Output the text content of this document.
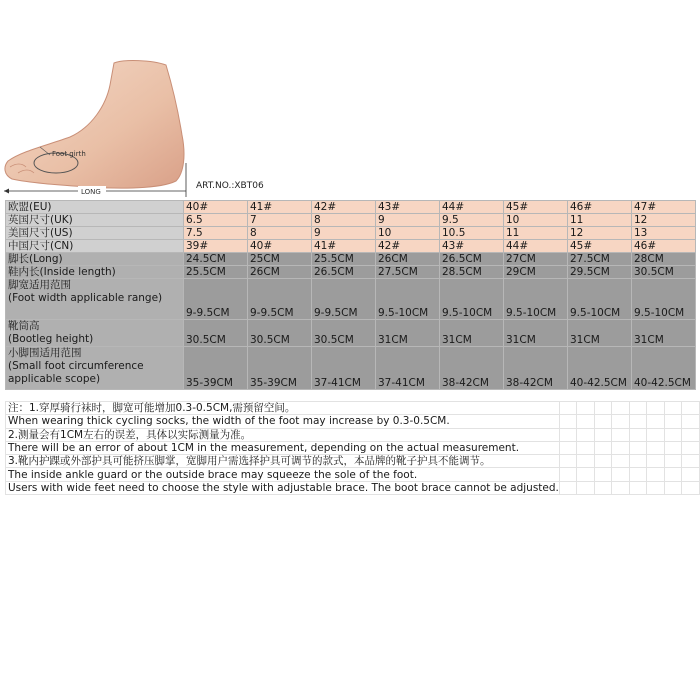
Foot girth
LONG
ART.NO.:XBT06
欧盟(EU)	40#	41#	42#	43#	44#	45#	46#	47#
英国尺寸(UK)	6.5	7	8	9	9.5	10	11	12
美国尺寸(US)	7.5	8	9	10	10.5	11	12	13
中国尺寸(CN)	39#	40#	41#	42#	43#	44#	45#	46#
脚长(Long)	24.5CM	25CM	25.5CM	26CM	26.5CM	27CM	27.5CM	28CM
鞋内长(Inside length)	25.5CM	26CM	26.5CM	27.5CM	28.5CM	29CM	29.5CM	30.5CM

脚宽适用范围
(Foot width applicable range)	9-9.5CM	9-9.5CM	9-9.5CM	9.5-10CM	9.5-10CM	9.5-10CM	9.5-10CM	9.5-10CM

靴筒高
(Bootleg height)	30.5CM	30.5CM	30.5CM	31CM	31CM	31CM	31CM	31CM

小脚围适用范围
(Small foot circumference
applicable scope)	35-39CM	35-39CM	37-41CM	37-41CM	38-42CM	38-42CM	40-42.5CM	40-42.5CM
注：1.穿厚骑行袜时，脚宽可能增加0.3-0.5CM,需预留空间。								
When wearing thick cycling socks, the width of the foot may increase by 0.3-0.5CM.								
2.测量会有1CM左右的误差，具体以实际测量为准。								
There will be an error of about 1CM in the measurement, depending on the actual measurement.								
3.靴内护踝或外部护具可能挤压脚掌，宽脚用户需选择护具可调节的款式，本品牌的靴子护具不能调节。								
The inside ankle guard or the outside brace may squeeze the sole of the foot.								
Users with wide feet need to choose the style with adjustable brace. The boot brace cannot be adjusted.								
